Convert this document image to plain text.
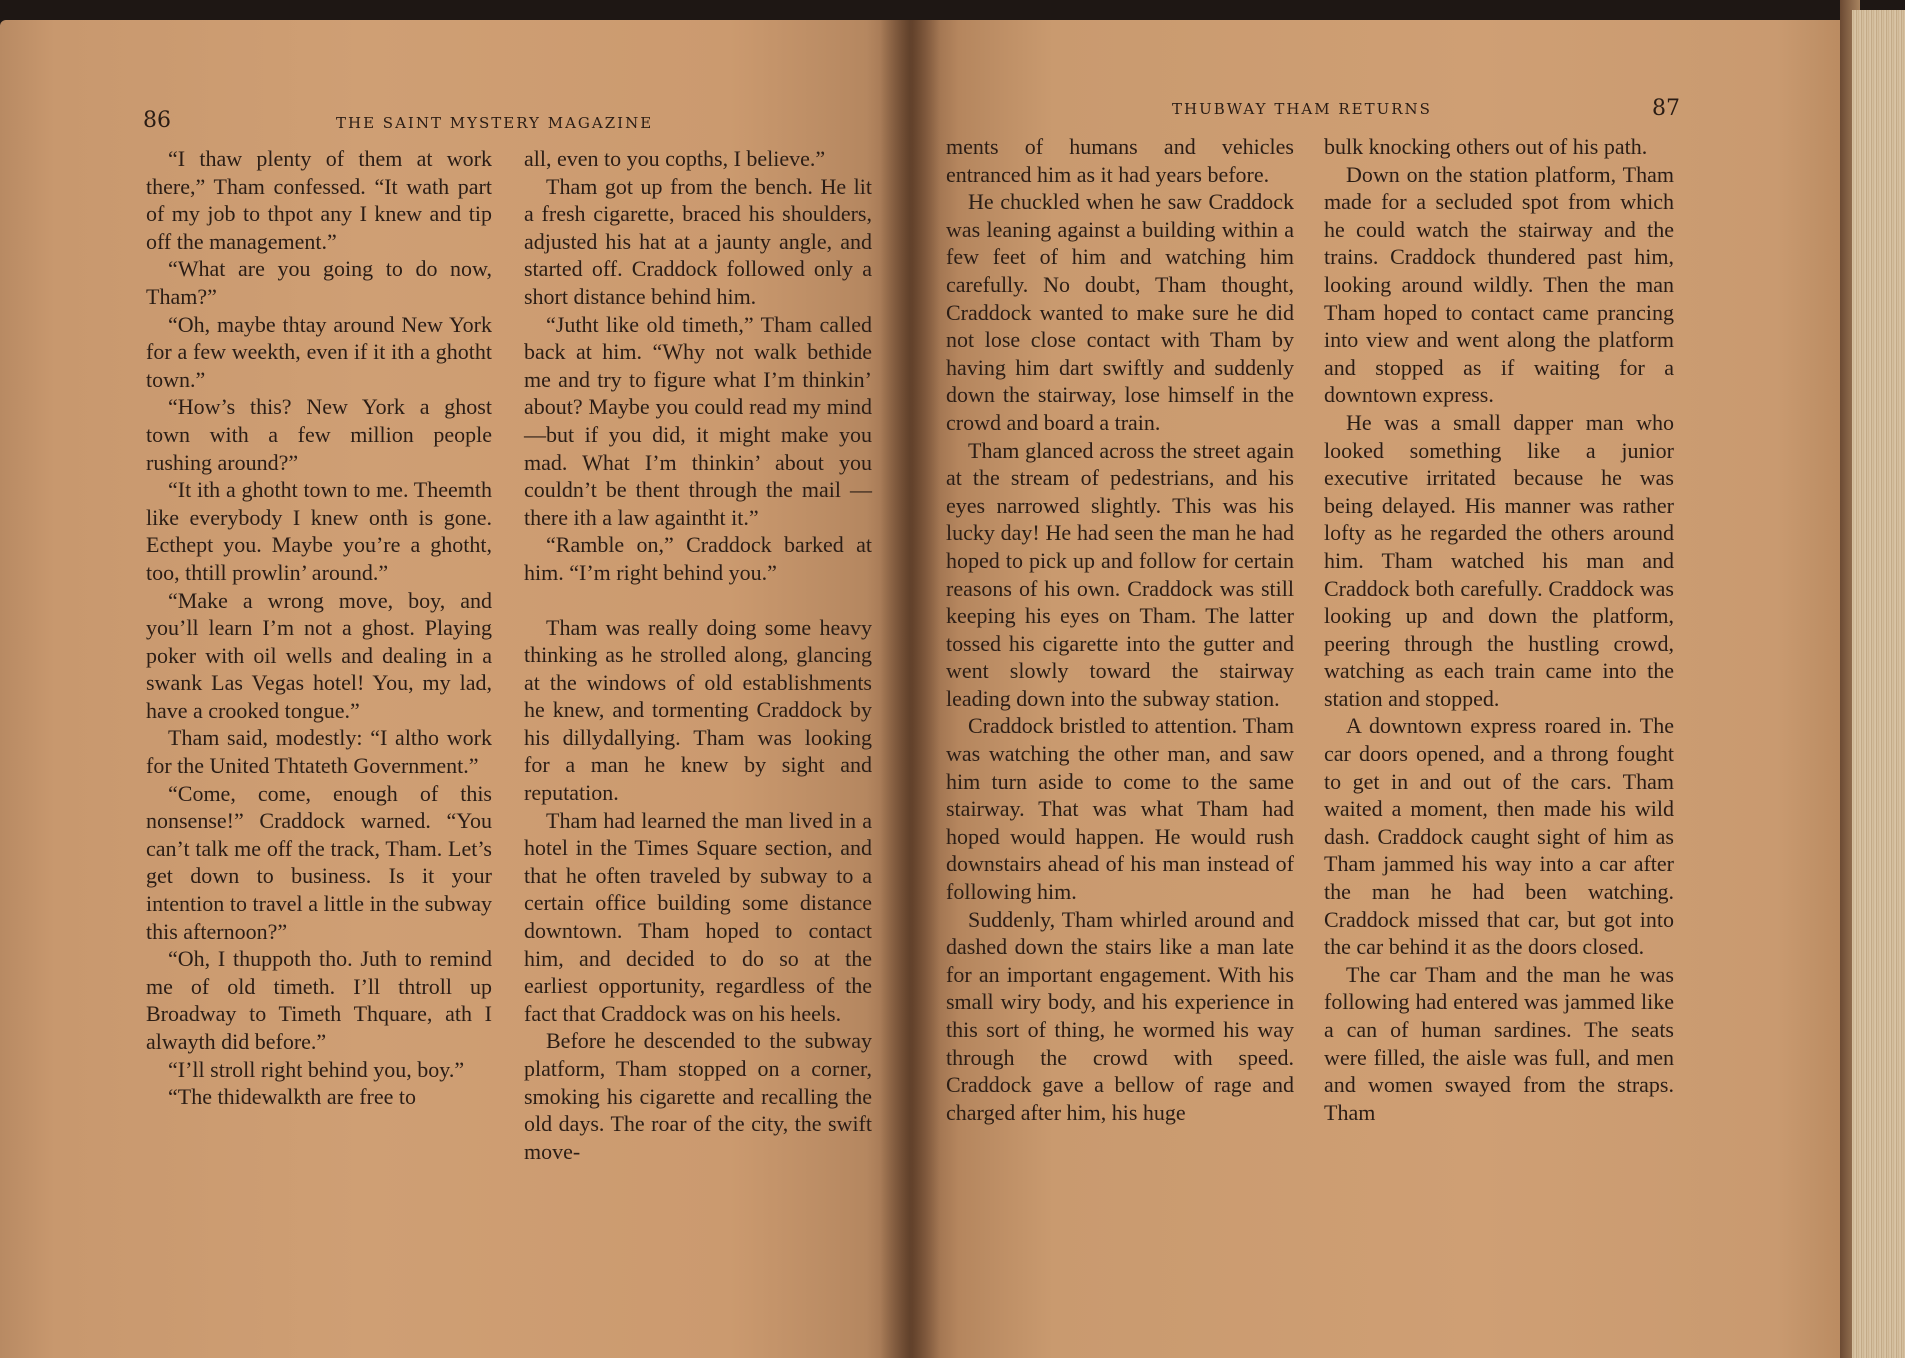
86	THE SAINT MYSTERY MAGAZINE
THUBWAY THAM RETURNS	87

“I thaw plenty of them at work there,” Tham confessed. “It wath part of my job to thpot any I knew and tip off the management.”

“What are you going to do now, Tham?”

“Oh, maybe thtay around New York for a few weekth, even if it ith a ghotht town.”

“How’s this? New York a ghost town with a few million people rushing around?”

“It ith a ghotht town to me. Theemth like everybody I knew onth is gone. Ecthept you. Maybe you’re a ghotht, too, thtill prowlin’ around.”

“Make a wrong move, boy, and you’ll learn I’m not a ghost. Playing poker with oil wells and dealing in a swank Las Vegas hotel! You, my lad, have a crooked tongue.”

Tham said, modestly: “I altho work for the United Thtateth Government.”

“Come, come, enough of this nonsense!” Craddock warned. “You can’t talk me off the track, Tham. Let’s get down to business. Is it your intention to travel a little in the subway this afternoon?”

“Oh, I thuppoth tho. Juth to remind me of old timeth. I’ll thtroll up Broadway to Timeth Thquare, ath I alwayth did before.”

“I’ll stroll right behind you, boy.”

“The thidewalkth are free to

all, even to you copths, I believe.”

Tham got up from the bench. He lit a fresh cigarette, braced his shoulders, adjusted his hat at a jaunty angle, and started off. Craddock followed only a short distance behind him.

“Jutht like old timeth,” Tham called back at him. “Why not walk bethide me and try to figure what I’m thinkin’ about? Maybe you could read my mind—but if you did, it might make you mad. What I’m thinkin’ about you couldn’t be thent through the mail —there ith a law againtht it.”

“Ramble on,” Craddock barked at him. “I’m right behind you.”

Tham was really doing some heavy thinking as he strolled along, glancing at the windows of old establishments he knew, and tormenting Craddock by his dillydallying. Tham was looking for a man he knew by sight and reputation.

Tham had learned the man lived in a hotel in the Times Square section, and that he often traveled by subway to a certain office building some distance downtown. Tham hoped to contact him, and decided to do so at the earliest opportunity, regardless of the fact that Craddock was on his heels.

Before he descended to the subway platform, Tham stopped on a corner, smoking his cigarette and recalling the old days. The roar of the city, the swift move-

ments of humans and vehicles entranced him as it had years before.

He chuckled when he saw Craddock was leaning against a building within a few feet of him and watching him carefully. No doubt, Tham thought, Craddock wanted to make sure he did not lose close contact with Tham by having him dart swiftly and suddenly down the stairway, lose himself in the crowd and board a train.

Tham glanced across the street again at the stream of pedestrians, and his eyes narrowed slightly. This was his lucky day! He had seen the man he had hoped to pick up and follow for certain reasons of his own. Craddock was still keeping his eyes on Tham. The latter tossed his cigarette into the gutter and went slowly toward the stairway leading down into the subway station.

Craddock bristled to attention. Tham was watching the other man, and saw him turn aside to come to the same stairway. That was what Tham had hoped would happen. He would rush downstairs ahead of his man instead of following him.

Suddenly, Tham whirled around and dashed down the stairs like a man late for an important engagement. With his small wiry body, and his experience in this sort of thing, he wormed his way through the crowd with speed. Craddock gave a bellow of rage and charged after him, his huge

bulk knocking others out of his path.

Down on the station platform, Tham made for a secluded spot from which he could watch the stairway and the trains. Craddock thundered past him, looking around wildly. Then the man Tham hoped to contact came prancing into view and went along the platform and stopped as if waiting for a downtown express.

He was a small dapper man who looked something like a junior executive irritated because he was being delayed. His manner was rather lofty as he regarded the others around him. Tham watched his man and Craddock both carefully. Craddock was looking up and down the platform, peering through the hustling crowd, watching as each train came into the station and stopped.

A downtown express roared in. The car doors opened, and a throng fought to get in and out of the cars. Tham waited a moment, then made his wild dash. Craddock caught sight of him as Tham jammed his way into a car after the man he had been watching. Craddock missed that car, but got into the car behind it as the doors closed.

The car Tham and the man he was following had entered was jammed like a can of human sardines. The seats were filled, the aisle was full, and men and women swayed from the straps. Tham
